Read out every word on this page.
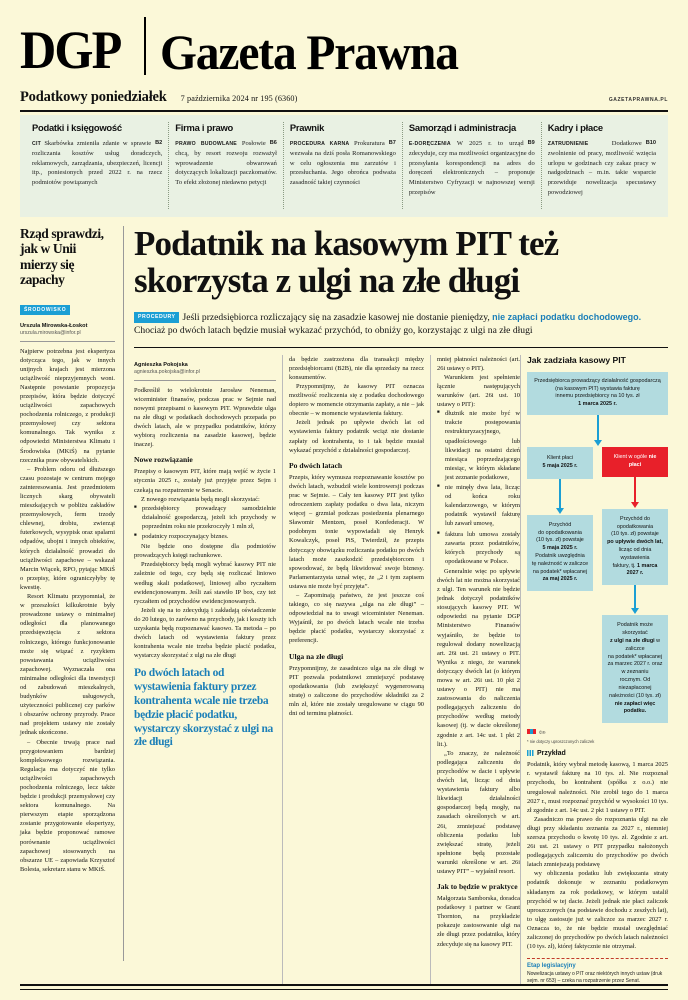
DGP Gazeta Prawna
Podatkowy poniedziałek 7 października 2024 nr 195 (6360)	GAZETAPRAWNA.PL
Podatki i księgowość
B2
CIT Skarbówka zmieniła zdanie w sprawie rozliczania kosztów usług doradczych, reklamowych, zarządzania, ubezpieczeń, licencji itp., poniesionych przed 2022 r. na rzecz podmiotów powiązanych
Firma i prawo
B6
PRAWO BUDOWLANE Posłowie chcą, by resort rozwoju rozważył wprowadzenie obwarowań dotyczących lokalizacji paczkomatów. To efekt złożonej niedawno petycji
Prawnik
B7
PROCEDURA KARNA Prokuratura wezwała na dziś posła Romanowskiego w celu ogłoszenia mu zarzutów i przesłuchania. Jego obrońca podważa zasadność takiej czynności
Samorząd i administracja
B9
E-DORĘCZENIA W 2025 r. to urząd zdecyduje, czy ma możliwości organizacyjne do przesyłania korespondencji na adres do doręczeń elektronicznych – proponuje Ministerstwo Cyfryzacji w najnowszej wersji przepisów
Kadry i płace
B10
ZATRUDNIENIE	Dodatkowe zwolnienie od pracy, możliwość wzięcia urlopu w godzinach czy zakaz pracy w nadgodzinach – m.in. takie wsparcie przewiduje nowelizacja specustawy powodziowej
Rząd sprawdzi, jak w Unii mierzy się zapachy
ŚRODOWISKO
Urszula Mirowska-Łoskot
urszula.mirowska@infor.pl

Najpierw potrzebna jest ekspertyza dotycząca tego, jak w innych unijnych krajach jest mierzona uciążliwość nieprzyjemnych woni. Następnie powstanie propozycja przepisów, która będzie dotyczyć uciążliwości zapachowych pochodzenia rolniczego, z produkcji przemysłowej czy sektora komunalnego. Tak wynika z odpowiedzi Ministerstwa Klimatu i Środowiska (MKiŚ) na pytanie rzecznika praw obywatelskich.

– Problem odoru od dłuższego czasu pozostaje w centrum mojego zainteresowania. Jest przedmiotem licznych skarg obywateli mieszkających w pobliżu zakładów przemysłowych, ferm trzody chlewnej, drobiu, zwierząt futerkowych, wysypisk oraz spalarni odpadów, ubojni i innych obiektów, których działalność prowadzi do uciążliwości zapachowe – wskazał Marcin Wiącek, RPO, pytając MKiŚ o przepisy, które ograniczyłyby tę kwestię.

Resort Klimatu przypomniał, że w przeszłości kilkukrotnie były prowadzone ustawy o minimalnej odległości dla planowanego przedsięwzięcia z sektora rolniczego, którego funkcjonowanie może się wiązać z ryzykiem powstawania uciążliwości zapachowej. Wyznaczała ona minimalne odległości dla inwestycji od zabudowań mieszkalnych, budynków usługowych, użyteczności publicznej czy parków i obszarów ochrony przyrody. Prace nad projektem ustawy nie zostały jednak ukończone.

– Obecnie trwają prace nad przygotowaniem bardziej kompleksowego rozwiązania. Regulacja ma dotyczyć nie tylko uciążliwości zapachowych pochodzenia rolniczego, lecz także będzie i produkcji przemysłowej czy sektora komunalnego. Na pierwszym etapie sporządzona zostanie przygotowanie ekspertyzy, jaka będzie proponować ramowe porównanie uciążliwości zapachowej stosowanych na obszarze UE – zapowiada Krzysztof Bolesta, sekretarz stanu w MKiŚ.

Podatnik na kasowym PIT też skorzysta z ulgi na złe długi
PROCEDURY Jeśli przedsiębiorca rozliczający się na zasadzie kasowej nie dostanie pieniędzy, nie zapłaci podatku dochodowego. Chociaż po dwóch latach będzie musiał wykazać przychód, to obniży go, korzystając z ulgi na złe długi
Agnieszka Pokojska
agnieszka.pokojska@infor.pl

Podkreślił to wielokrotnie Jarosław Neneman, wiceminister finansów, podczas prac w Sejmie nad nowymi przepisami o kasowym PIT. Wprawdzie ulga na złe długi w podatkach dochodowych przepada po dwóch latach, ale w przypadku podatników, którzy wybiorą rozliczenia na zasadzie kasowej, będzie inaczej.

Nowe rozwiązanie

Przepisy o kasowym PIT, które mają wejść w życie 1 stycznia 2025 r., zostały już przyjęte przez Sejm i czekają na rozpatrzenie w Senacie.

Z nowego rozwiązania będą mogli skorzystać:

■ przedsiębiorcy prowadzący samodzielnie działalność gospodarczą, jeżeli ich przychody w poprzednim roku nie przekroczyły 1 mln zł,
■ podatnicy rozpoczynający biznes.

Nie będzie ono dostępne dla podmiotów prowadzących księgi rachunkowe.

Przedsiębiorcy będą mogli wybrać kasowy PIT nie zależnie od tego, czy będą się rozliczać liniowo według skali podatkowej, liniowej albo ryczałtem ewidencjonowanym. Jeśli zaś stawiło IP box, czy też ryczałtem od przychodów ewidencjonowanych.

Jeżeli się na to zdecydują i zakładają oświadczenie do 20 lutego, to zarówno na przychody, jak i koszty ich uzyskania będą rozpoznawać kasowo. Ta metoda – po dwóch latach od wystawienia faktury przez kontrahenta wcale nie trzeba będzie płacić podatku, wystarczy skorzystać z ulgi na złe długi

Po dwóch latach od wystawienia faktury przez kontrahenta wcale nie trzeba będzie płacić podatku, wystarczy skorzystać z ulgi na złe długi

da będzie zastrzeżona dla transakcji między przedsiębiorcami (B2B), nie dla sprzedaży na rzecz konsumentów.

Przypomnijmy, że kasowy PIT oznacza możliwość rozliczenia się z podatku dochodowego dopiero w momencie otrzymania zapłaty, a nie – jak obecnie – w momencie wystawienia faktury.

Jeżeli jednak po upływie dwóch lat od wystawienia faktury podatnik wciąż nie dostanie zapłaty od kontrahenta, to i tak będzie musiał wykazać przychód z działalności gospodarczej.

Po dwóch latach

Przepis, który wymusza rozpoznawanie kosztów po dwóch latach, wzbudził wiele kontrowersji podczas prac w Sejmie. – Cały ten kasowy PIT jest tylko odroczeniem zapłaty podatku o dwa lata, niczym więcej – grzmiał podczas posiedzenia plenarnego Sławomir Mentzen, poseł Konfederacji. W podobnym tonie wypowiadali się Henryk Kowalczyk, poseł PiS, Twierdził, że przepis dotyczący obowiązku rozliczania podatku po dwóch latach może zaszkodzić przedsiębiorcom i spowodować, że będą likwidować swoje biznesy. Parlamentarzysta uznał więc, że „2 i tym zapisem ustawa nie może być przyjęta”.

– Zapominają państwo, że jest jeszcze coś takiego, co się nazywa „ulga na złe długi” – odpowiedział na to uwagi wiceminister Neneman. Wyjaśnił, że po dwóch latach wcale nie trzeba będzie płacić podatku, wystarczy skorzystać z preferencji.

Ulga na złe długi

Przypomnijmy, że zasadniczo ulga na złe długi w PIT pozwala podatnikowi zmniejszyć podstawę opodatkowania (lub zwiększyć wygenerowaną stratę) o zaliczone do przychodów składniki za 2 mln zł, które nie zostały uregulowane w ciągu 90 dni od terminu płatności.

mniej płatności należności (art. 26i ustawy o PIT).

Warunkiem jest spełnienie łącznie następujących warunków (art. 26i ust. 10 ustawy o PIT):

■ dłużnik nie może być w trakcie postępowania restrukturyzacyjnego, upadłościowego lub likwidacji na ostatni dzień miesiąca poprzedzającego miesiąc, w którym składane jest zeznanie podatkowe,
■ nie minęły dwa lata, licząc od końca roku kalendarzowego, w którym podatnik wystawił fakturę lub zawarł umowę,
■ faktura lub umowa zostały zawarta przez podatników, których przychody są opodatkowane w Polsce.

Generalnie więc po upływie dwóch lat nie można skorzystać z ulgi. Ten warunek nie będzie jednak dotyczył podatników stosujących kasowy PIT. W odpowiedzi na pytanie DGP Ministerstwo Finansów wyjaśniło, że będzie to regulował dodany nowelizacją art. 26i ust. 21 ustawy o PIT. Wynika z niego, że warunek dotyczący dwóch lat (o którym mowa w art. 26i ust. 10 pkt 2 ustawy o PIT) nie ma zastosowania do naliczenia podlegających zaliczeniu do przychodów według metody kasowej (tj. w dacie określonej zgodnie z art. 14c ust. 1 pkt 2 lit.).

„To znaczy, że należność podlegająca zaliczeniu do przychodów w dacie i upływie dwóch lat, licząc od dnia wystawienia faktury albo likwidacji działalności gospodarczej będą mogły, na zasadach określonych w art. 26i, zmniejszać podstawę obliczenia podatku lub zwiększać stratę, jeżeli spełnione będą pozostałe warunki określone w art. 26i ustawy PIT” – wyjaśnił resort.

Jak to będzie w praktyce

Małgorzata Samborska, doradca podatkowy i partner w Grant Thornton, na przykładzie pokazuje zastosowanie ulgi na złe długi przez podatnika, który zdecyduje się na kasowy PIT.

Jak zadziała kasowy PIT
Przedsiębiorca prowadzący działalność gospodarczą
(na kasowym PIT) wystawia fakturę
innemu przedsiębiorcy na 10 tys. zł
1 marca 2025 r.
Klient płaci
5 maja 2025 r.
Przychód
do opodatkowania
(10 tys. zł) powstaje
5 maja 2025 r.
Podatnik uwzględnia
tę należność w zaliczce
na podatek* wpłacanej
za maj 2025 r.
Klient w ogóle nie płaci
Przychód do opodatkowania
(10 tys. zł) powstaje
po upływie dwóch lat,
licząc od dnia wystawienia
faktury, tj. 1 marca 2027 r.
Podatnik może skorzystać
z ulgi na złe długi w zaliczce
na podatek* wpłacanej
za marzec 2027 r. oraz w zeznaniu
rocznym. Od niezapłaconej
należności (10 tys. zł)
nie zapłaci więc podatku.
©℗
* nie dotyczy uproszczonych zaliczek
Przykład

Podatnik, który wybrał metodę kasową, 1 marca 2025 r. wystawił fakturę na 10 tys. zł. Nie rozpoznał przychodu, bo kontrahent (spółka z o.o.) nie uregulował należności. Nie zrobił tego do 1 marca 2027 r., musi rozpoznać przychód w wysokości 10 tys. zł zgodnie z art. 14c ust. 2 pkt 1 ustawy o PIT.

Zasadniczo ma prawo do rozpoznania ulgi na złe długi przy składaniu zeznania za 2027 r., niemniej szersza przychodu o kwotę 10 tys. zł. Zgodnie z art. 26i ust. 21 ustawy o PIT przypadku nałożonych podlegających zaliczeniu do przychodów po dwóch latach zmniejszają podstawę

wy obliczenia podatku lub zwiększania straty podatnik dokonuje w zeznaniu podatkowym składanym za rok podatkowy, w którym ustalił przychód w tej dacie. Jeżeli jednak nie płaci zaliczek uproszczonych (na podstawie dochodu z zeszłych lat), to ulgę zastosuje już w zaliczce za marzec 2027 r. Oznacza to, że nie będzie musiał uwzględniać zaliczonej do przychodów po dwóch latach należności (10 tys. zł), której faktycznie nie otrzymał.

Etap legislacyjny
Nowelizacja ustawy o PIT oraz niektórych innych ustaw (druk sejm. nr 653) – czeka na rozpatrzenie przez Senat.
